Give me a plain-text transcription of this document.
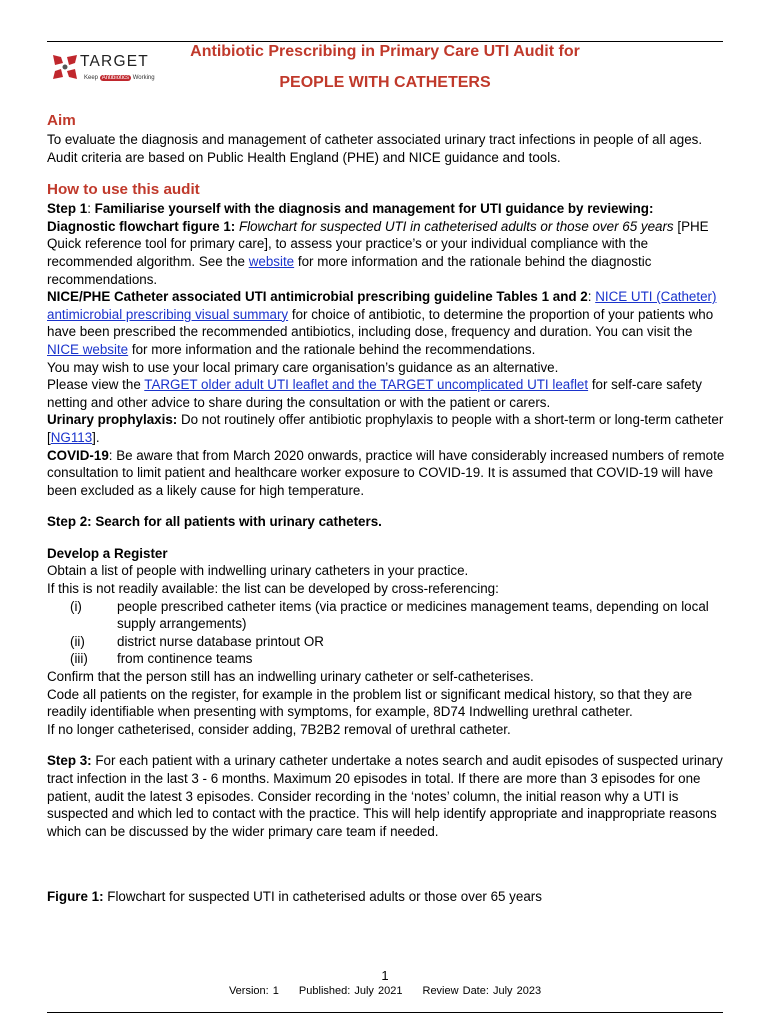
TARGET
Keep Antibiotics Working
Antibiotic Prescribing in Primary Care UTI Audit for
PEOPLE WITH CATHETERS
Aim

To evaluate the diagnosis and management of catheter associated urinary tract infections in people of all ages.

Audit criteria are based on Public Health England (PHE) and NICE guidance and tools.

How to use this audit

Step 1: Familiarise yourself with the diagnosis and management for UTI guidance by reviewing:

Diagnostic flowchart figure 1: Flowchart for suspected UTI in catheterised adults or those over 65 years [PHE Quick reference tool for primary care], to assess your practice’s or your individual compliance with the recommended algorithm. See the website for more information and the rationale behind the diagnostic recommendations.

NICE/PHE Catheter associated UTI antimicrobial prescribing guideline Tables 1 and 2: NICE UTI (Catheter) antimicrobial prescribing visual summary for choice of antibiotic, to determine the proportion of your patients who have been prescribed the recommended antibiotics, including dose, frequency and duration. You can visit the NICE website for more information and the rationale behind the recommendations.

You may wish to use your local primary care organisation’s guidance as an alternative.

Please view the TARGET older adult UTI leaflet and the TARGET uncomplicated UTI leaflet for self-care safety netting and other advice to share during the consultation or with the patient or carers.

Urinary prophylaxis: Do not routinely offer antibiotic prophylaxis to people with a short-term or long-term catheter [NG113].

COVID-19: Be aware that from March 2020 onwards, practice will have considerably increased numbers of remote consultation to limit patient and healthcare worker exposure to COVID-19. It is assumed that COVID-19 will have been excluded as a likely cause for high temperature.

Step 2: Search for all patients with urinary catheters.

Develop a Register

Obtain a list of people with indwelling urinary catheters in your practice.

If this is not readily available: the list can be developed by cross-referencing:

(i)	people prescribed catheter items (via practice or medicines management teams, depending on local supply arrangements)
(ii)	district nurse database printout OR
(iii)	from continence teams

Confirm that the person still has an indwelling urinary catheter or self-catheterises.

Code all patients on the register, for example in the problem list or significant medical history, so that they are readily identifiable when presenting with symptoms, for example, 8D74 Indwelling urethral catheter.

If no longer catheterised, consider adding, 7B2B2 removal of urethral catheter.

Step 3: For each patient with a urinary catheter undertake a notes search and audit episodes of suspected urinary tract infection in the last 3 - 6 months. Maximum 20 episodes in total. If there are more than 3 episodes for one patient, audit the latest 3 episodes. Consider recording in the ‘notes’ column, the initial reason why a UTI is suspected and which led to contact with the practice. This will help identify appropriate and inappropriate reasons which can be discussed by the wider primary care team if needed.

Figure 1: Flowchart for suspected UTI in catheterised adults or those over 65 years

1
Version: 1 Published: July 2021 Review Date: July 2023
